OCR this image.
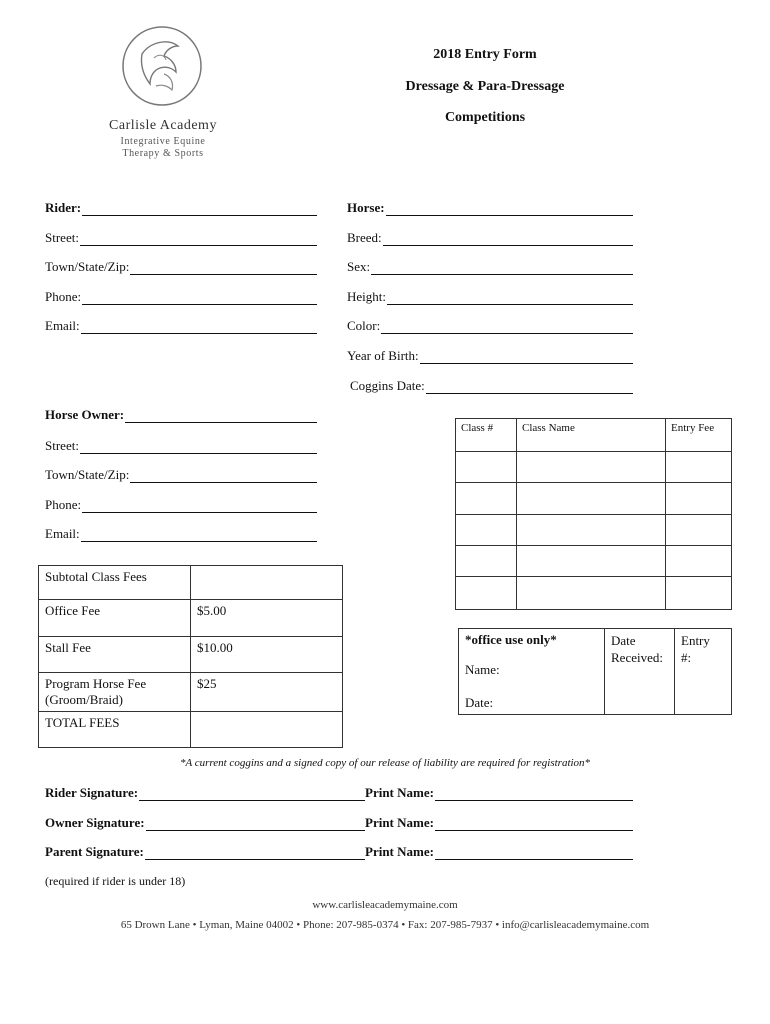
Carlisle Academy
Integrative Equine
Therapy & Sports
2018 Entry Form
Dressage & Para-Dressage
Competitions
Rider:
Street:
Town/State/Zip:
Phone:
Email:
Horse:
Breed:
Sex:
Height:
Color:
Year of Birth:
Coggins Date:
Horse Owner:
Street:
Town/State/Zip:
Phone:
Email:
Class #	Class Name	Entry Fee

Subtotal Class Fees	
Office Fee	$5.00
Stall Fee	$10.00

Program Horse Fee
(Groom/Braid)	$25
TOTAL FEES	
*office use only*
Name:
Date:

Date
Received:

Entry
#:
*A current coggins and a signed copy of our release of liability are required for registration*
Rider Signature:	Print Name:
Owner Signature:	Print Name:
Parent Signature:	Print Name:
(required if rider is under 18)
www.carlisleacademymaine.com
65 Drown Lane • Lyman, Maine 04002 • Phone: 207-985-0374 • Fax: 207-985-7937 • info@carlisleacademymaine.com
